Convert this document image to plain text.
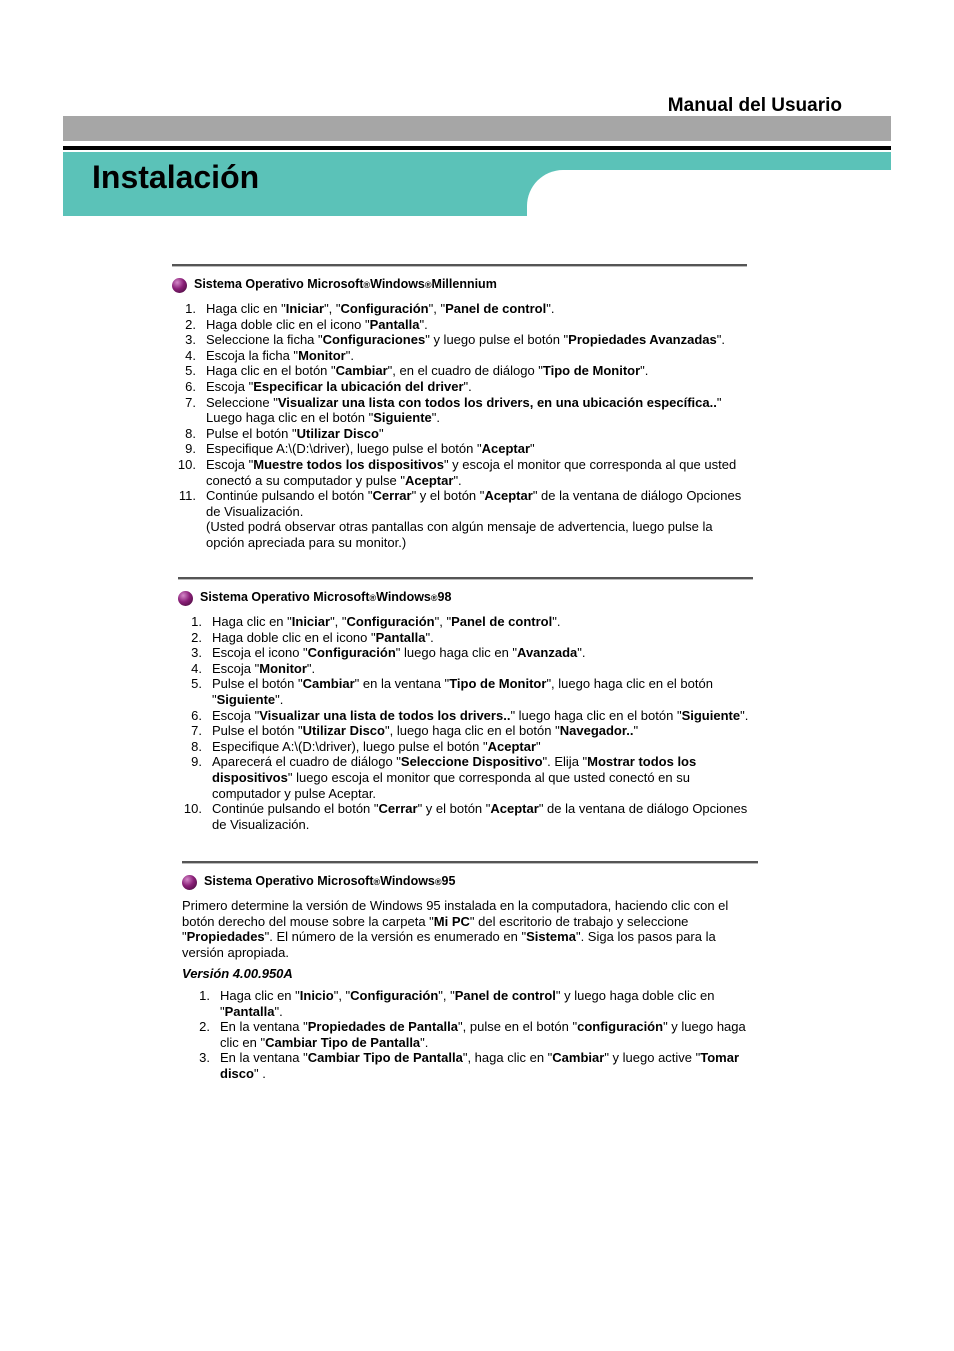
Manual del Usuario
Instalación
Sistema Operativo Microsoft ® Windows ® Millennium
1. Haga clic en "Iniciar", "Configuración", "Panel de control".
2. Haga doble clic en el icono "Pantalla".
3. Seleccione la ficha "Configuraciones" y luego pulse el botón "Propiedades Avanzadas".
4. Escoja la ficha "Monitor".
5. Haga clic en el botón "Cambiar", en el cuadro de diálogo "Tipo de Monitor".
6. Escoja "Especificar la ubicación del driver".
7. Seleccione "Visualizar una lista con todos los drivers, en una ubicación específica.."
Luego haga clic en el botón "Siguiente".
8. Pulse el botón "Utilizar Disco"
9. Especifique A:\(D:\driver), luego pulse el botón "Aceptar"
10. Escoja "Muestre todos los dispositivos" y escoja el monitor que corresponda al que usted conectó a su computador y pulse "Aceptar".
11. Continúe pulsando el botón "Cerrar" y el botón "Aceptar" de la ventana de diálogo Opciones de Visualización.
(Usted podrá observar otras pantallas con algún mensaje de advertencia, luego pulse la opción apreciada para su monitor.)
Sistema Operativo Microsoft ® Windows ® 98
1. Haga clic en "Iniciar", "Configuración", "Panel de control".
2. Haga doble clic en el icono "Pantalla".
3. Escoja el icono "Configuración" luego haga clic en "Avanzada".
4. Escoja "Monitor".
5. Pulse el botón "Cambiar" en la ventana "Tipo de Monitor", luego haga clic en el botón "Siguiente".
6. Escoja "Visualizar una lista de todos los drivers.." luego haga clic en el botón "Siguiente".
7. Pulse el botón "Utilizar Disco", luego haga clic en el botón "Navegador.."
8. Especifique A:\(D:\driver), luego pulse el botón "Aceptar"
9. Aparecerá el cuadro de diálogo "Seleccione Dispositivo". Elija "Mostrar todos los dispositivos" luego escoja el monitor que corresponda al que usted conectó en su computador y pulse Aceptar.
10. Continúe pulsando el botón "Cerrar" y el botón "Aceptar" de la ventana de diálogo Opciones de Visualización.
Sistema Operativo Microsoft ® Windows ® 95

Primero determine la versión de Windows 95 instalada en la computadora, haciendo clic con el botón derecho del mouse sobre la carpeta "Mi PC" del escritorio de trabajo y seleccione "Propiedades". El número de la versión es enumerado en "Sistema". Siga los pasos para la versión apropiada.

Versión 4.00.950A

1. Haga clic en "Inicio", "Configuración", "Panel de control" y luego haga doble clic en "Pantalla".
2. En la ventana "Propiedades de Pantalla", pulse en el botón "configuración" y luego haga clic en "Cambiar Tipo de Pantalla".
3. En la ventana "Cambiar Tipo de Pantalla", haga clic en "Cambiar" y luego active "Tomar disco" .
